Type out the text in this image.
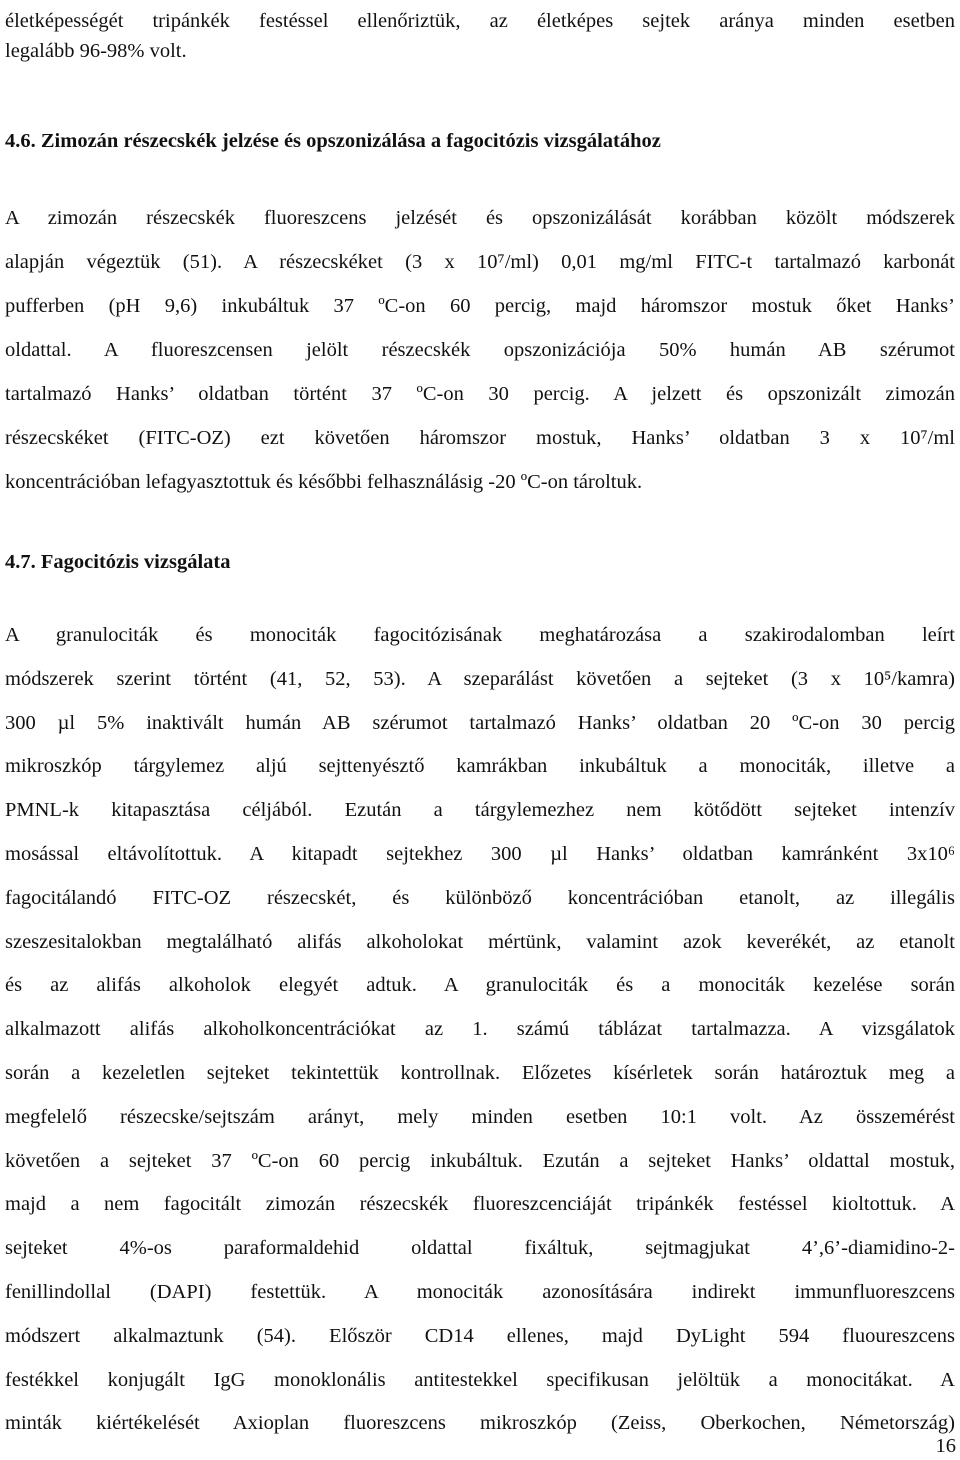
életképességét tripánkék festéssel ellenőriztük, az életképes sejtek aránya minden esetben
legalább 96-98% volt.
4.6. Zimozán részecskék jelzése és opszonizálása a fagocitózis vizsgálatához
A zimozán részecskék fluoreszcens jelzését és opszonizálását korábban közölt módszerek
alapján végeztük (51). A részecskéket (3 x 10⁷/ml) 0,01 mg/ml FITC-t tartalmazó karbonát
pufferben (pH 9,6) inkubáltuk 37 ºC-on 60 percig, majd háromszor mostuk őket Hanks’
oldattal. A fluoreszcensen jelölt részecskék opszonizációja 50% humán AB szérumot
tartalmazó Hanks’ oldatban történt 37 ºC-on 30 percig. A jelzett és opszonizált zimozán
részecskéket (FITC-OZ) ezt követően háromszor mostuk, Hanks’ oldatban 3 x 10⁷/ml
koncentrációban lefagyasztottuk és későbbi felhasználásig -20 ºC-on tároltuk.
4.7. Fagocitózis vizsgálata
A granulociták és monociták fagocitózisának meghatározása a szakirodalomban leírt
módszerek szerint történt (41, 52, 53). A szeparálást követően a sejteket (3 x 10⁵/kamra)
300 µl 5% inaktivált humán AB szérumot tartalmazó Hanks’ oldatban 20 ºC-on 30 percig
mikroszkóp tárgylemez aljú sejttenyésztő kamrákban inkubáltuk a monociták, illetve a
PMNL-k kitapasztása céljából. Ezután a tárgylemezhez nem kötődött sejteket intenzív
mosással eltávolítottuk. A kitapadt sejtekhez 300 µl Hanks’ oldatban kamránként 3x10⁶
fagocitálandó FITC-OZ részecskét, és különböző koncentrációban etanolt, az illegális
szeszesitalokban megtalálható alifás alkoholokat mértünk, valamint azok keverékét, az etanolt
és az alifás alkoholok elegyét adtuk. A granulociták és a monociták kezelése során
alkalmazott alifás alkoholkoncentrációkat az 1. számú táblázat tartalmazza. A vizsgálatok
során a kezeletlen sejteket tekintettük kontrollnak. Előzetes kísérletek során határoztuk meg a
megfelelő részecske/sejtszám arányt, mely minden esetben 10:1 volt. Az összemérést
követően a sejteket 37 ºC-on 60 percig inkubáltuk. Ezután a sejteket Hanks’ oldattal mostuk,
majd a nem fagocitált zimozán részecskék fluoreszcenciáját tripánkék festéssel kioltottuk. A
sejteket 4%-os paraformaldehid oldattal fixáltuk, sejtmagjukat 4’,6’-diamidino-2-
fenillindollal (DAPI) festettük. A monociták azonosítására indirekt immunfluoreszcens
módszert alkalmaztunk (54). Először CD14 ellenes, majd DyLight 594 fluoureszcens
festékkel konjugált IgG monoklonális antitestekkel specifikusan jelöltük a monocitákat. A
minták kiértékelését Axioplan fluoreszcens mikroszkóp (Zeiss, Oberkochen, Németország)
16
